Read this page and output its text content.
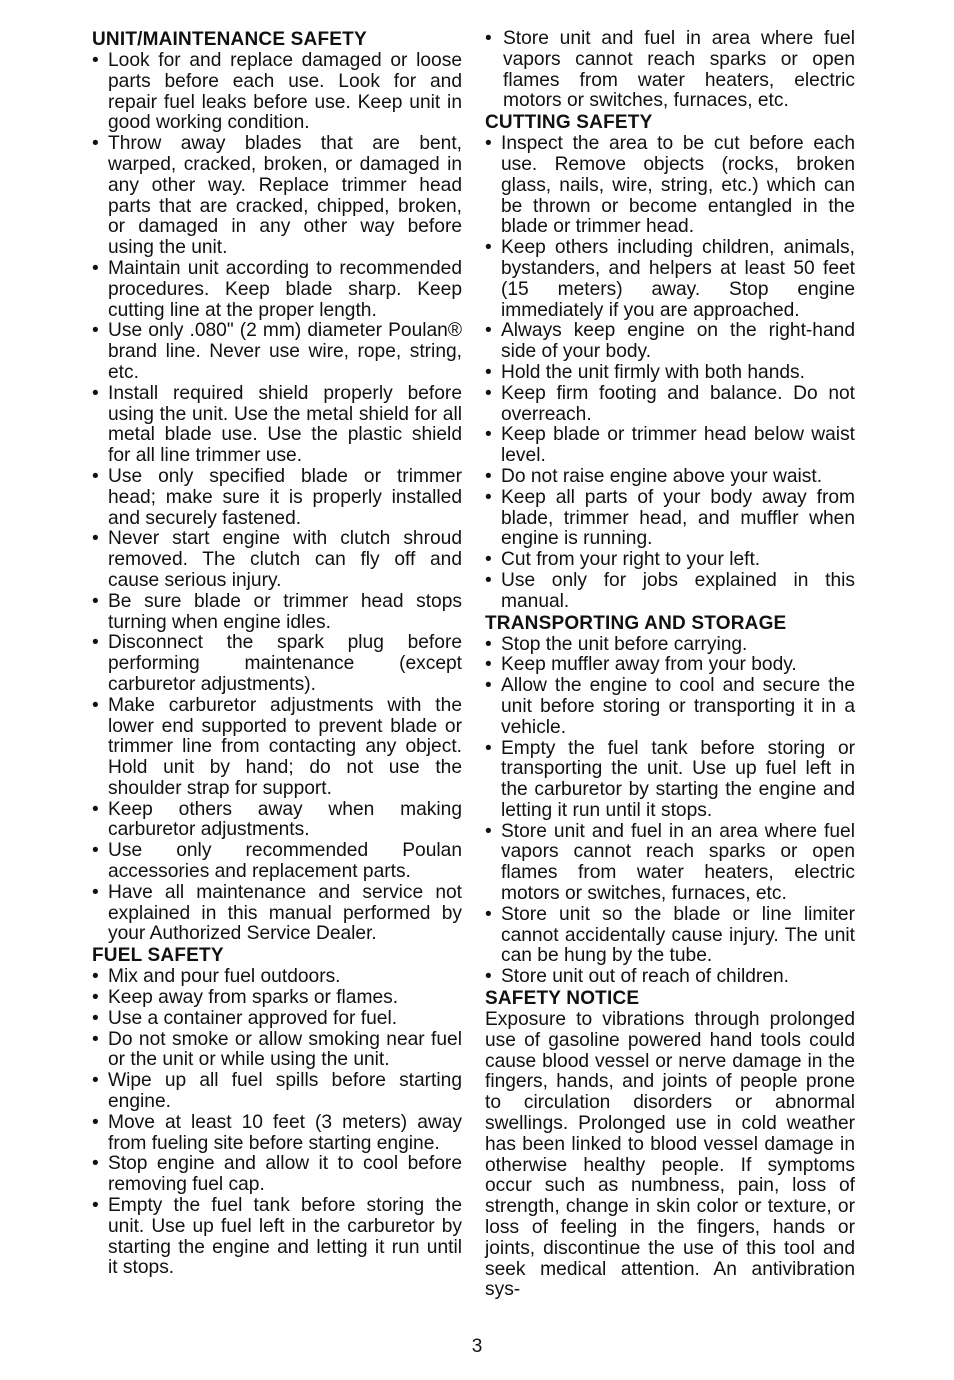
UNIT/MAINTENANCE SAFETY
• Look for and replace damaged or loose parts before each use. Look for and repair fuel leaks before use. Keep unit in good working condition.
• Throw away blades that are bent, warped, cracked, broken, or damaged in any other way. Replace trimmer head parts that are cracked, chipped, broken, or damaged in any other way before using the unit.
• Maintain unit according to recommended procedures. Keep blade sharp. Keep cutting line at the proper length.
• Use only .080" (2 mm) diameter Poulan® brand line. Never use wire, rope, string, etc.
• Install required shield properly before using the unit. Use the metal shield for all metal blade use. Use the plastic shield for all line trimmer use.
• Use only specified blade or trimmer head; make sure it is properly installed and securely fastened.
• Never start engine with clutch shroud removed. The clutch can fly off and cause serious injury.
• Be sure blade or trimmer head stops turning when engine idles.
• Disconnect the spark plug before performing maintenance (except carburetor adjustments).
• Make carburetor adjustments with the lower end supported to prevent blade or trimmer line from contacting any object. Hold unit by hand; do not use the shoulder strap for support.
• Keep others away when making carburetor adjustments.
• Use only recommended Poulan accessories and replacement parts.
• Have all maintenance and service not explained in this manual performed by your Authorized Service Dealer.
FUEL SAFETY
• Mix and pour fuel outdoors.
• Keep away from sparks or flames.
• Use a container approved for fuel.
• Do not smoke or allow smoking near fuel or the unit or while using the unit.
• Wipe up all fuel spills before starting engine.
• Move at least 10 feet (3 meters) away from fueling site before starting engine.
• Stop engine and allow it to cool before removing fuel cap.
• Empty the fuel tank before storing the unit. Use up fuel left in the carburetor by starting the engine and letting it run until it stops.
• Store unit and fuel in area where fuel vapors cannot reach sparks or open flames from water heaters, electric motors or switches, furnaces, etc.
CUTTING SAFETY
• Inspect the area to be cut before each use. Remove objects (rocks, broken glass, nails, wire, string, etc.) which can be thrown or become entangled in the blade or trimmer head.
• Keep others including children, animals, bystanders, and helpers at least 50 feet (15 meters) away. Stop engine immediately if you are approached.
• Always keep engine on the right-hand side of your body.
• Hold the unit firmly with both hands.
• Keep firm footing and balance. Do not overreach.
• Keep blade or trimmer head below waist level.
• Do not raise engine above your waist.
• Keep all parts of your body away from blade, trimmer head, and muffler when engine is running.
• Cut from your right to your left.
• Use only for jobs explained in this manual.
TRANSPORTING AND STORAGE
• Stop the unit before carrying.
• Keep muffler away from your body.
• Allow the engine to cool and secure the unit before storing or transporting it in a vehicle.
• Empty the fuel tank before storing or transporting the unit. Use up fuel left in the carburetor by starting the engine and letting it run until it stops.
• Store unit and fuel in an area where fuel vapors cannot reach sparks or open flames from water heaters, electric motors or switches, furnaces, etc.
• Store unit so the blade or line limiter cannot accidentally cause injury. The unit can be hung by the tube.
• Store unit out of reach of children.
SAFETY NOTICE

Exposure to vibrations through prolonged use of gasoline powered hand tools could cause blood vessel or nerve damage in the fingers, hands, and joints of people prone to circulation disorders or abnormal swellings. Prolonged use in cold weather has been linked to blood vessel damage in otherwise healthy people. If symptoms occur such as numbness, pain, loss of strength, change in skin color or texture, or loss of feeling in the fingers, hands or joints, discontinue the use of this tool and seek medical attention. An antivibration sys-

3
